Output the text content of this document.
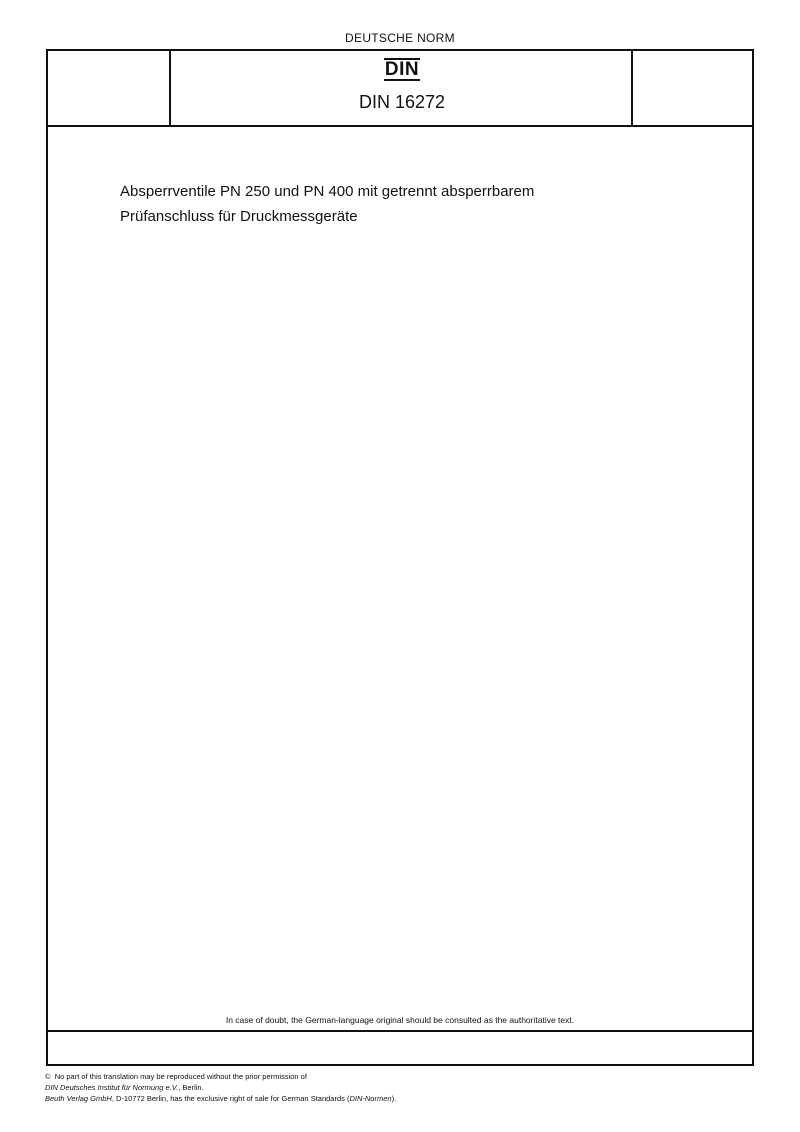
DEUTSCHE NORM
DIN
DIN 16272
Absperrventile PN 250 und PN 400 mit getrennt absperrbarem
Prüfanschluss für Druckmessgeräte
In case of doubt, the German-language original should be consulted as the authoritative text.
© No part of this translation may be reproduced without the prior permission of
DIN Deutsches Institut für Normung e.V., Berlin.
Beuth Verlag GmbH, D-10772 Berlin, has the exclusive right of sale for German Standards (DIN-Normen).
